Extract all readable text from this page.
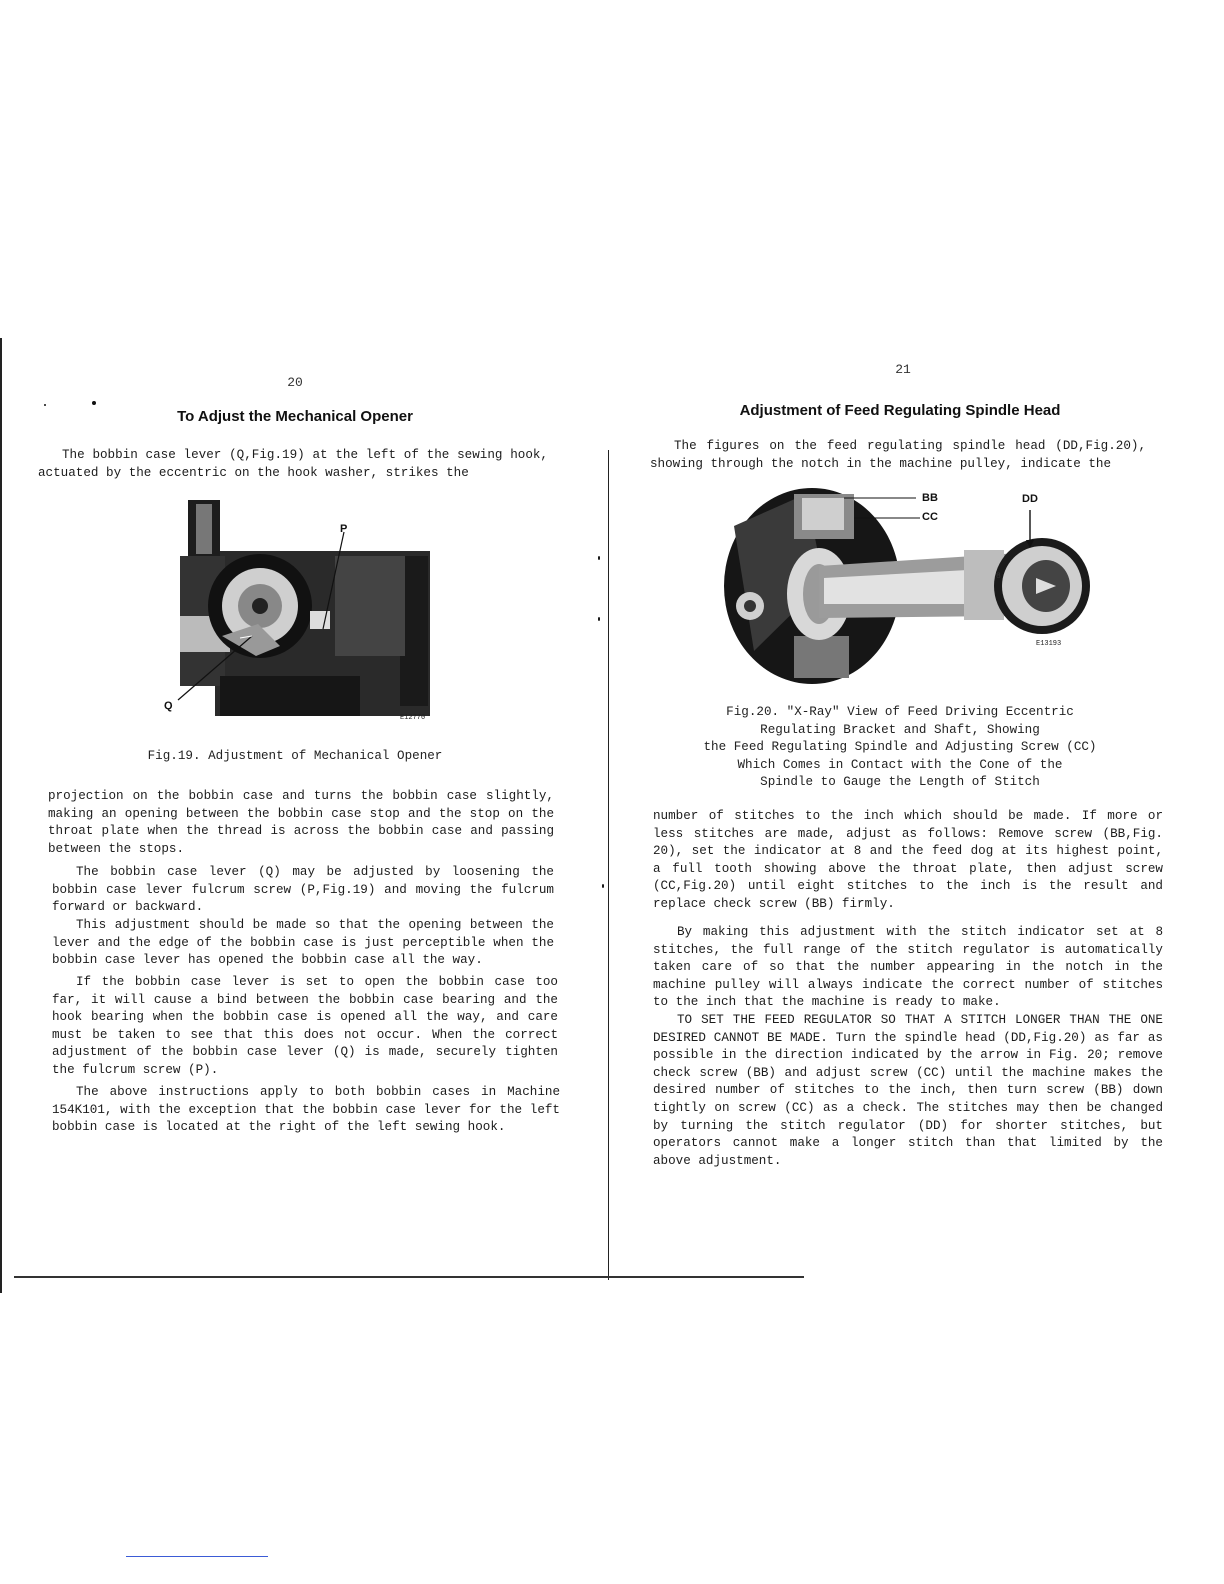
20
To Adjust the Mechanical Opener

The bobbin case lever (Q,Fig.19) at the left of the sewing hook, actuated by the eccentric on the hook washer, strikes the

P
Q
E12770
Fig.19. Adjustment of Mechanical Opener

projection on the bobbin case and turns the bobbin case slightly, making an opening between the bobbin case stop and the stop on the throat plate when the thread is across the bobbin case and passing between the stops.

The bobbin case lever (Q) may be adjusted by loosening the bobbin case lever fulcrum screw (P,Fig.19) and moving the fulcrum forward or backward.

This adjustment should be made so that the opening between the lever and the edge of the bobbin case is just perceptible when the bobbin case lever has opened the bobbin case all the way.

If the bobbin case lever is set to open the bobbin case too far, it will cause a bind between the bobbin case bearing and the hook bearing when the bobbin case is opened all the way, and care must be taken to see that this does not occur. When the correct adjustment of the bobbin case lever (Q) is made, securely tighten the fulcrum screw (P).

The above instructions apply to both bobbin cases in Machine 154K101, with the exception that the bobbin case lever for the left bobbin case is located at the right of the left sewing hook.

21
Adjustment of Feed Regulating Spindle Head

The figures on the feed regulating spindle head (DD,Fig.20), showing through the notch in the machine pulley, indicate the

BB
CC
DD
8
E13193
Fig.20. "X-Ray" View of Feed Driving Eccentric
Regulating Bracket and Shaft, Showing
the Feed Regulating Spindle and Adjusting Screw (CC)
Which Comes in Contact with the Cone of the
Spindle to Gauge the Length of Stitch

number of stitches to the inch which should be made. If more or less stitches are made, adjust as follows: Remove screw (BB,Fig. 20), set the indicator at 8 and the feed dog at its highest point, a full tooth showing above the throat plate, then adjust screw (CC,Fig.20) until eight stitches to the inch is the result and replace check screw (BB) firmly.

By making this adjustment with the stitch indicator set at 8 stitches, the full range of the stitch regulator is automatically taken care of so that the number appearing in the notch in the machine pulley will always indicate the correct number of stitches to the inch that the machine is ready to make.

TO SET THE FEED REGULATOR SO THAT A STITCH LONGER THAN THE ONE DESIRED CANNOT BE MADE. Turn the spindle head (DD,Fig.20) as far as possible in the direction indicated by the arrow in Fig. 20; remove check screw (BB) and adjust screw (CC) until the machine makes the desired number of stitches to the inch, then turn screw (BB) down tightly on screw (CC) as a check. The stitches may then be changed by turning the stitch regulator (DD) for shorter stitches, but operators cannot make a longer stitch than that limited by the above adjustment.
